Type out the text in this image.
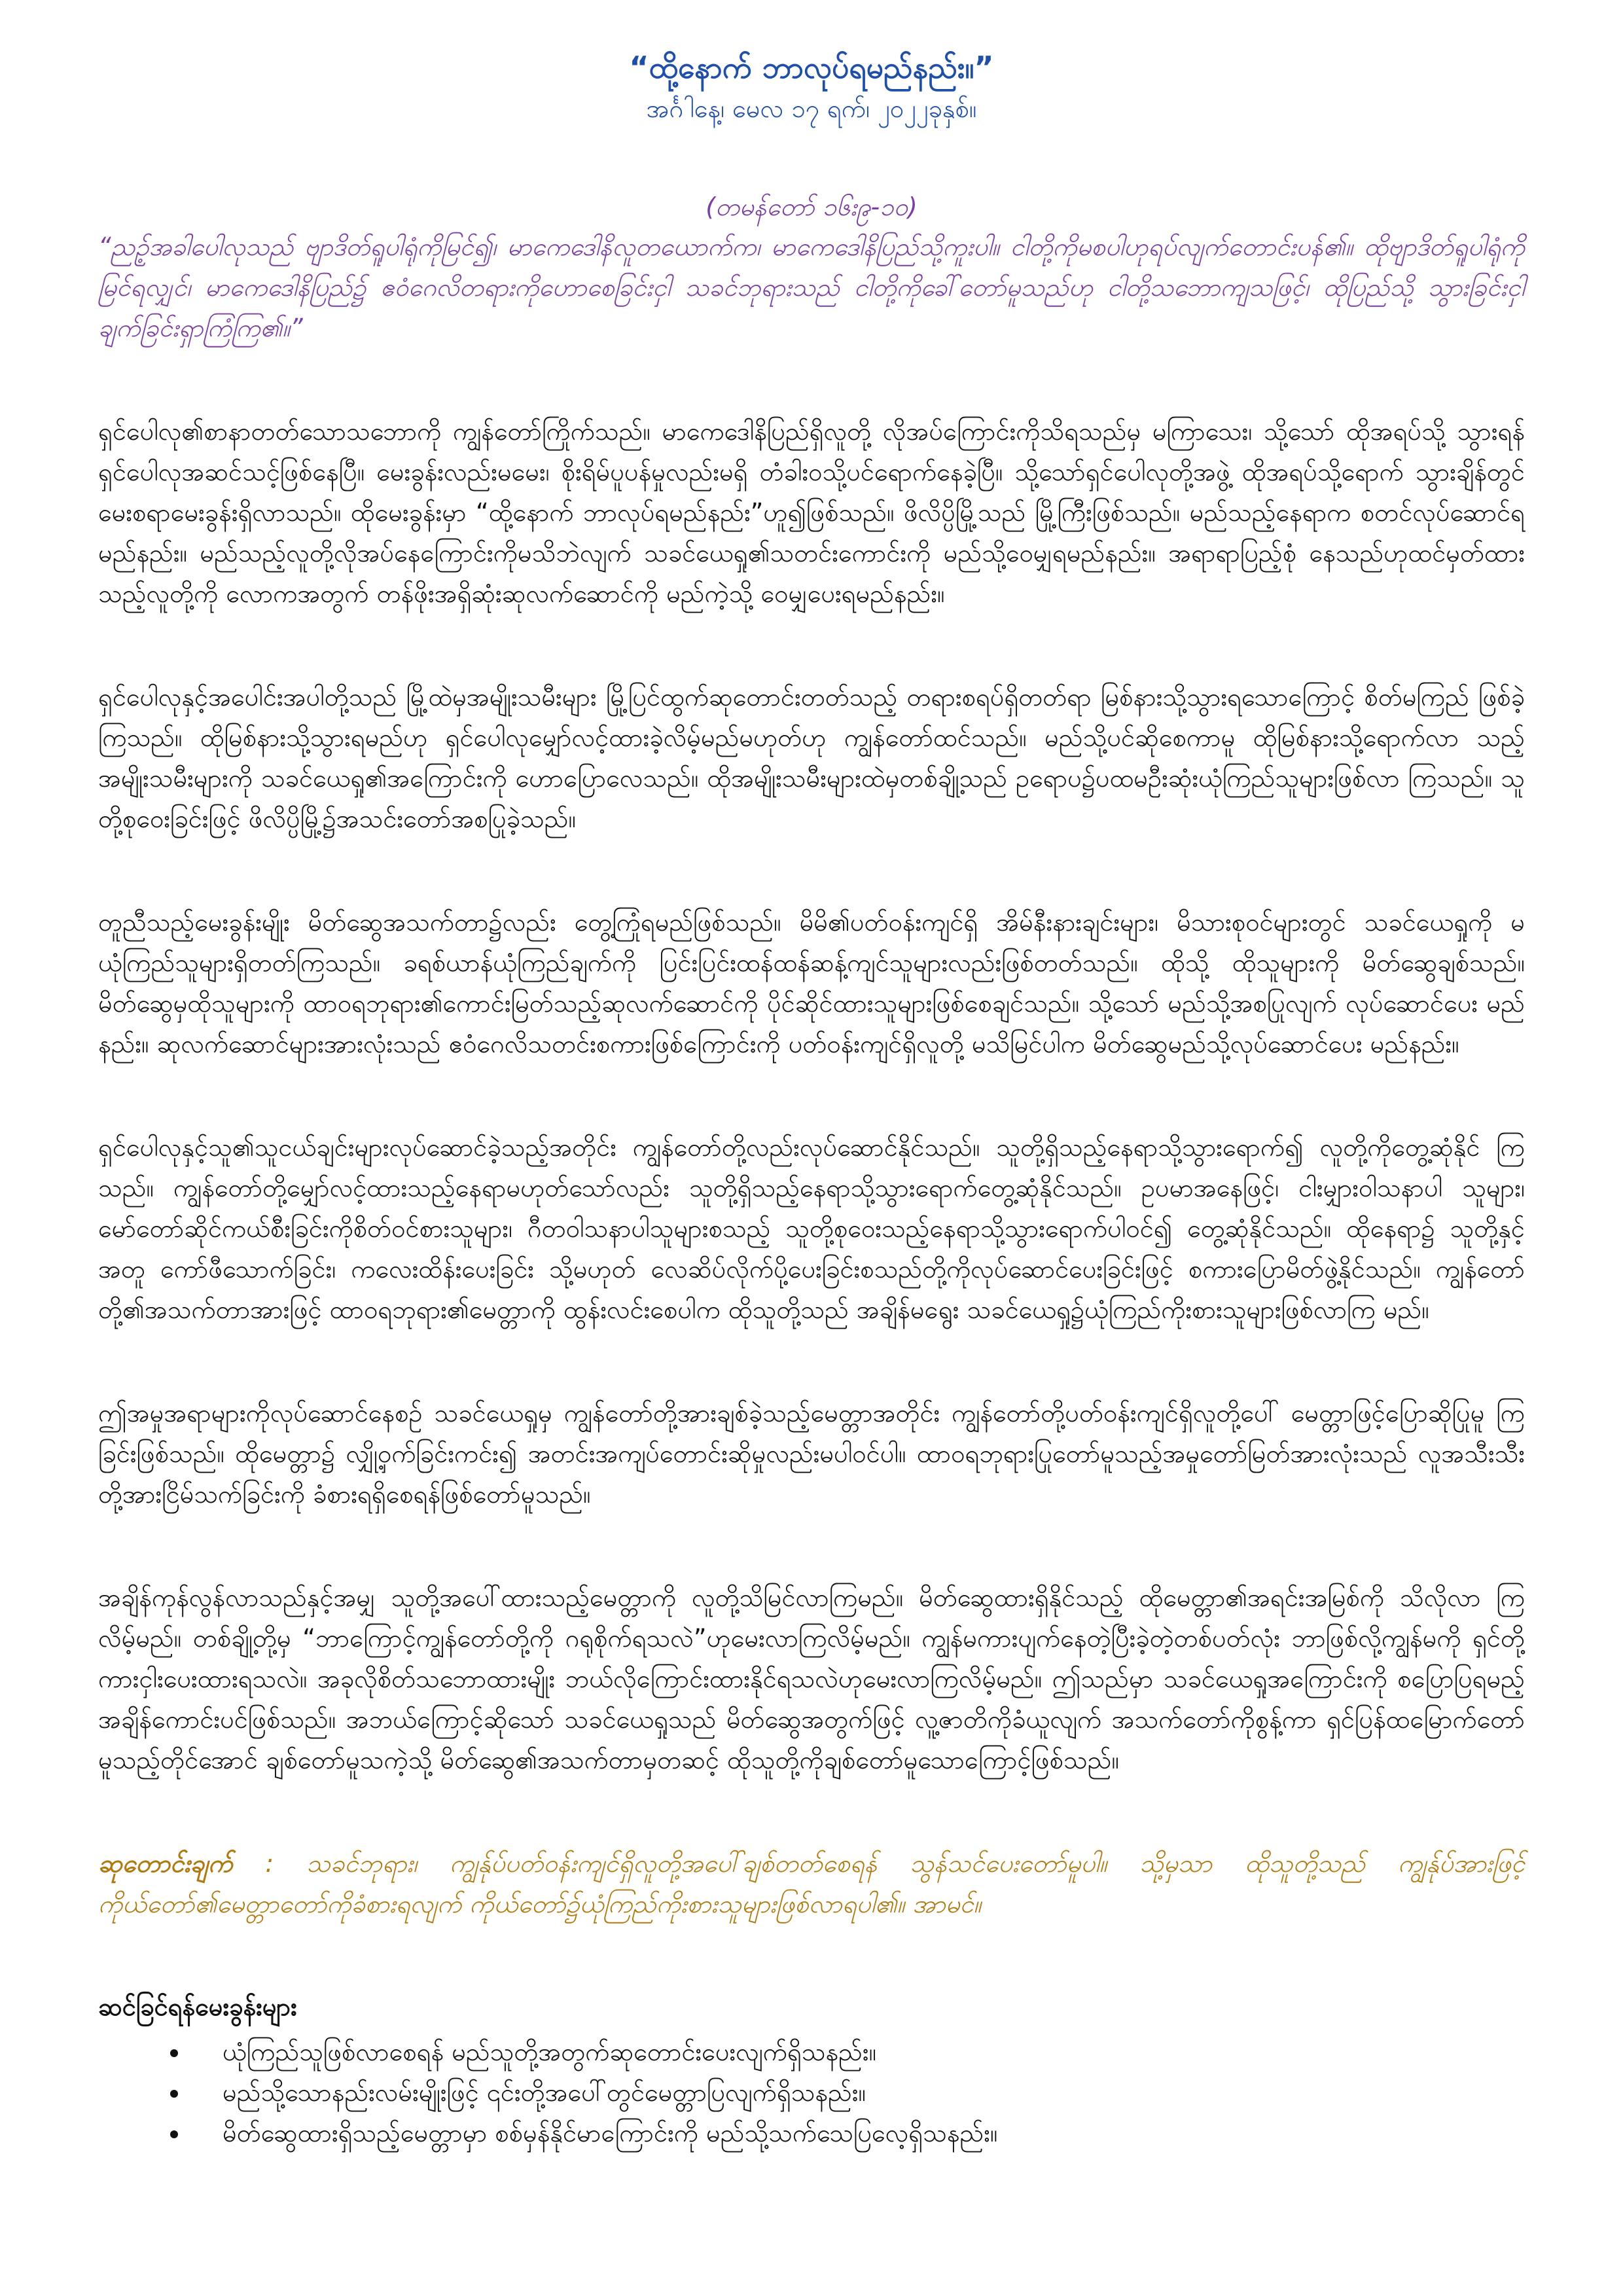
“ထို့နောက် ဘာလုပ်ရမည်နည်း။”

အင်္ဂါနေ့၊ မေလ ၁၇ ရက်၊ ၂၀၂၂ခုနှစ်။

(တမန်တော် ၁၆း၉-၁၀)

“ညဉ့်အခါပေါလုသည် ဗျာဒိတ်ရူပါရုံကိုမြင်၍၊ မာကေဒေါနိလူတယောက်က၊ မာကေဒေါနိပြည်သို့ကူးပါ။ ငါတို့ကိုမစပါဟုရပ်လျက်တောင်းပန်၏။ ထိုဗျာဒိတ်ရူပါရုံကို မြင်ရလျှင်၊ မာကေဒေါနိပြည်၌ ဧဝံဂေလိတရားကိုဟောစေခြင်းငှါ သခင်ဘုရားသည် ငါတို့ကိုခေါ်တော်မူသည်ဟု ငါတို့သဘောကျသဖြင့်၊ ထိုပြည်သို့ သွားခြင်းငှါ ချက်ခြင်းရှာကြံကြ၏။”

ရှင်ပေါလု၏စာနာတတ်သောသဘောကို ကျွန်တော်ကြိုက်သည်။ မာကေဒေါနိပြည်ရှိလူတို့ လိုအပ်ကြောင်းကိုသိရသည်မှ မကြာသေး၊ သို့သော် ထိုအရပ်သို့ သွားရန် ရှင်ပေါလုအဆင်သင့်ဖြစ်နေပြီ။ မေးခွန်းလည်းမမေး၊ စိုးရိမ်ပူပန်မှုလည်းမရှိ တံခါးဝသို့ပင်ရောက်နေခဲ့ပြီ။ သို့သော်ရှင်ပေါလုတို့အဖွဲ့ ထိုအရပ်သို့ရောက် သွားချိန်တွင် မေးစရာမေးခွန်းရှိလာသည်။ ထိုမေးခွန်းမှာ “ထို့နောက် ဘာလုပ်ရမည်နည်း”ဟူ၍ဖြစ်သည်။ ဖိလိပ္ပိမြို့သည် မြို့ကြီးဖြစ်သည်။ မည်သည့်နေရာက စတင်လုပ်ဆောင်ရမည်နည်း။ မည်သည့်လူတို့လိုအပ်နေကြောင်းကိုမသိဘဲလျက် သခင်ယေရှု၏သတင်းကောင်းကို မည်သို့ဝေမျှရမည်နည်း။ အရာရာပြည့်စုံ နေသည်ဟုထင်မှတ်ထားသည့်လူတို့ကို လောကအတွက် တန်ဖိုးအရှိဆုံးဆုလက်ဆောင်ကို မည်ကဲ့သို့ ဝေမျှပေးရမည်နည်း။

ရှင်ပေါလုနှင့်အပေါင်းအပါတို့သည် မြို့ထဲမှအမျိုးသမီးများ မြို့ပြင်ထွက်ဆုတောင်းတတ်သည့် တရားစရပ်ရှိတတ်ရာ မြစ်နားသို့သွားရသောကြောင့် စိတ်မကြည် ဖြစ်ခဲ့ကြသည်။ ထိုမြစ်နားသို့သွားရမည်ဟု ရှင်ပေါလုမျှော်လင့်ထားခဲ့လိမ့်မည်မဟုတ်ဟု ကျွန်တော်ထင်သည်။ မည်သို့ပင်ဆိုစေကာမူ ထိုမြစ်နားသို့ရောက်လာ သည့် အမျိုးသမီးများကို သခင်ယေရှု၏အကြောင်းကို ဟောပြောလေသည်။ ထိုအမျိုးသမီးများထဲမှတစ်ချို့သည် ဥရောပ၌ပထမဦးဆုံးယုံကြည်သူများဖြစ်လာ ကြသည်။ သူတို့စုဝေးခြင်းဖြင့် ဖိလိပ္ပိမြို့၌အသင်းတော်အစပြုခဲ့သည်။

တူညီသည့်မေးခွန်းမျိုး မိတ်ဆွေအသက်တာ၌လည်း တွေ့ကြုံရမည်ဖြစ်သည်။ မိမိ၏ပတ်ဝန်းကျင်ရှိ အိမ်နီးနားချင်းများ၊ မိသားစုဝင်များတွင် သခင်ယေရှုကို မယုံကြည်သူများရှိတတ်ကြသည်။ ခရစ်ယာန်ယုံကြည်ချက်ကို ပြင်းပြင်းထန်ထန်ဆန့်ကျင်သူများလည်းဖြစ်တတ်သည်။ ထိုသို့ ထိုသူများကို မိတ်ဆွေချစ်သည်။ မိတ်ဆွေမှထိုသူများကို ထာဝရဘုရား၏ကောင်းမြတ်သည့်ဆုလက်ဆောင်ကို ပိုင်ဆိုင်ထားသူများဖြစ်စေချင်သည်။ သို့သော် မည်သို့အစပြုလျက် လုပ်ဆောင်ပေး မည်နည်း။ ဆုလက်ဆောင်များအားလုံးသည် ဧဝံဂေလိသတင်းစကားဖြစ်ကြောင်းကို ပတ်ဝန်းကျင်ရှိလူတို့ မသိမြင်ပါက မိတ်ဆွေမည်သို့လုပ်ဆောင်ပေး မည်နည်း။

ရှင်ပေါလုနှင့်သူ၏သူငယ်ချင်းများလုပ်ဆောင်ခဲ့သည့်အတိုင်း ကျွန်တော်တို့လည်းလုပ်ဆောင်နိုင်သည်။ သူတို့ရှိသည့်နေရာသို့သွားရောက်၍ လူတို့ကိုတွေ့ဆုံနိုင် ကြသည်။ ကျွန်တော်တို့မျှော်လင့်ထားသည့်နေရာမဟုတ်သော်လည်း သူတို့ရှိသည့်နေရာသို့သွားရောက်တွေ့ဆုံနိုင်သည်။ ဥပမာအနေဖြင့်၊ ငါးမျှားဝါသနာပါ သူများ၊ မော်တော်ဆိုင်ကယ်စီးခြင်းကိုစိတ်ဝင်စားသူများ၊ ဂီတဝါသနာပါသူများစသည့် သူတို့စုဝေးသည့်နေရာသို့သွားရောက်ပါဝင်၍ တွေ့ဆုံနိုင်သည်။ ထိုနေရာ၌ သူတို့နှင့်အတူ ကော်ဖီသောက်ခြင်း၊ ကလေးထိန်းပေးခြင်း သို့မဟုတ် လေဆိပ်လိုက်ပို့ပေးခြင်းစသည်တို့ကိုလုပ်ဆောင်ပေးခြင်းဖြင့် စကားပြောမိတ်ဖွဲ့နိုင်သည်။ ကျွန်တော်တို့၏အသက်တာအားဖြင့် ထာဝရဘုရား၏မေတ္တာကို ထွန်းလင်းစေပါက ထိုသူတို့သည် အချိန်မရွေး သခင်ယေရှု၌ယုံကြည်ကိုးစားသူများဖြစ်လာကြ မည်။

ဤအမှုအရာများကိုလုပ်ဆောင်နေစဉ် သခင်ယေရှုမှ ကျွန်တော်တို့အားချစ်ခဲ့သည့်မေတ္တာအတိုင်း ကျွန်တော်တို့ပတ်ဝန်းကျင်ရှိလူတို့ပေါ် မေတ္တာဖြင့်ပြောဆိုပြုမူ ကြခြင်းဖြစ်သည်။ ထိုမေတ္တာ၌ လျှို့ဝှက်ခြင်းကင်း၍ အတင်းအကျပ်တောင်းဆိုမှုလည်းမပါဝင်ပါ။ ထာဝရဘုရားပြုတော်မူသည့်အမှုတော်မြတ်အားလုံးသည် လူအသီးသီးတို့အားငြိမ်သက်ခြင်းကို ခံစားရရှိစေရန်ဖြစ်တော်မူသည်။

အချိန်ကုန်လွန်လာသည်နှင့်အမျှ သူတို့အပေါ်ထားသည့်မေတ္တာကို လူတို့သိမြင်လာကြမည်။ မိတ်ဆွေထားရှိနိုင်သည့် ထိုမေတ္တာ၏အရင်းအမြစ်ကို သိလိုလာ ကြလိမ့်မည်။ တစ်ချို့တို့မှ “ဘာကြောင့်ကျွန်တော်တို့ကို ဂရုစိုက်ရသလဲ”ဟုမေးလာကြလိမ့်မည်။ ကျွန်မကားပျက်နေတဲ့ပြီးခဲ့တဲ့တစ်ပတ်လုံး ဘာဖြစ်လို့ကျွန်မကို ရှင်တို့ကားငှါးပေးထားရသလဲ။ အခုလိုစိတ်သဘောထားမျိုး ဘယ်လိုကြောင်းထားနိုင်ရသလဲဟုမေးလာကြလိမ့်မည်။ ဤသည်မှာ သခင်ယေရှုအကြောင်းကို စပြောပြရမည့်အချိန်ကောင်းပင်ဖြစ်သည်။ အဘယ်ကြောင့်ဆိုသော် သခင်ယေရှုသည် မိတ်ဆွေအတွက်ဖြင့် လူ့ဇာတိကိုခံယူလျက် အသက်တော်ကိုစွန့်ကာ ရှင်ပြန်ထမြောက်တော်မူသည့်တိုင်အောင် ချစ်တော်မူသကဲ့သို့ မိတ်ဆွေ၏အသက်တာမှတဆင့် ထိုသူတို့ကိုချစ်တော်မူသောကြောင့်ဖြစ်သည်။

ဆုတောင်းချက် : သခင်ဘုရား၊ ကျွန်ုပ်ပတ်ဝန်းကျင်ရှိလူတို့အပေါ်ချစ်တတ်စေရန် သွန်သင်ပေးတော်မူပါ။ သို့မှသာ ထိုသူတို့သည် ကျွန်ုပ်အားဖြင့် ကိုယ်တော်၏မေတ္တာတော်ကိုခံစားရလျက် ကိုယ်တော်၌ယုံကြည်ကိုးစားသူများဖြစ်လာရပါ၏။ အာမင်။

ဆင်ခြင်ရန်မေးခွန်းများ

• ယုံကြည်သူဖြစ်လာစေရန် မည်သူတို့အတွက်ဆုတောင်းပေးလျက်ရှိသနည်း။
• မည်သို့သောနည်းလမ်းမျိုးဖြင့် ၎င်းတို့အပေါ်တွင်မေတ္တာပြလျက်ရှိသနည်း။
• မိတ်ဆွေထားရှိသည့်မေတ္တာမှာ စစ်မှန်နိုင်မာကြောင်းကို မည်သို့သက်သေပြလေ့ရှိသနည်း။
